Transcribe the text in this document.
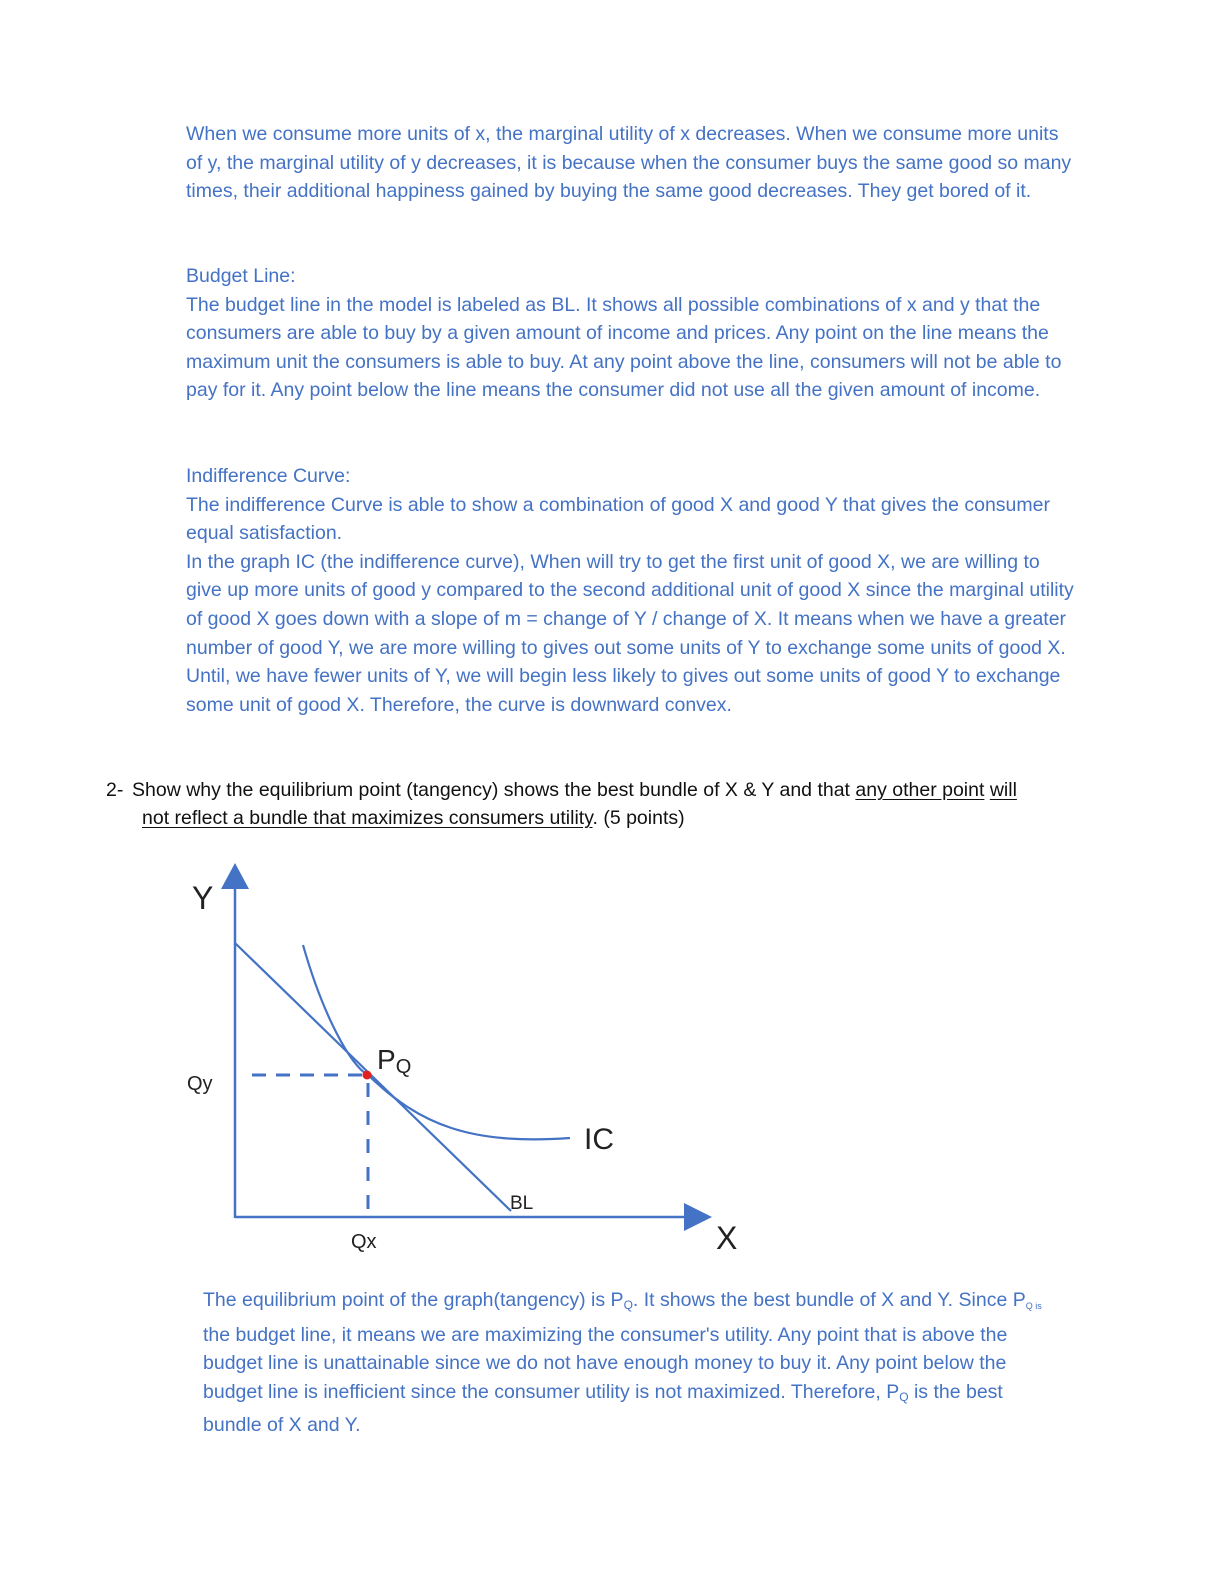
When we consume more units of x, the marginal utility of x decreases. When we consume more units of y, the marginal utility of y decreases, it is because when the consumer buys the same good so many times, their additional happiness gained by buying the same good decreases. They get bored of it.

Budget Line:

The budget line in the model is labeled as BL. It shows all possible combinations of x and y that the consumers are able to buy by a given amount of income and prices. Any point on the line means the maximum unit the consumers is able to buy. At any point above the line, consumers will not be able to pay for it. Any point below the line means the consumer did not use all the given amount of income.

Indifference Curve:

The indifference Curve is able to show a combination of good X and good Y that gives the consumer equal satisfaction.

In the graph IC (the indifference curve), When will try to get the first unit of good X, we are willing to give up more units of good y compared to the second additional unit of good X since the marginal utility of good X goes down with a slope of m = change of Y / change of X. It means when we have a greater number of good Y, we are more willing to gives out some units of Y to exchange some units of good X. Until, we have fewer units of Y, we will begin less likely to gives out some units of good Y to exchange some unit of good X. Therefore, the curve is downward convex.

2- Show why the equilibrium point (tangency) shows the best bundle of X & Y and that any other point will
not reflect a bundle that maximizes consumers utility. (5 points)
Y
X
Qy
Qx
PQ
IC
BL

The equilibrium point of the graph(tangency) is $P_Q$. It shows the best bundle of X and Y. Since PQ is the budget line, it means we are maximizing the consumer's utility. Any point that is above the budget line is unattainable since we do not have enough money to buy it. Any point below the budget line is inefficient since the consumer utility is not maximized. Therefore, $P_Q$ is the best bundle of X and Y.
